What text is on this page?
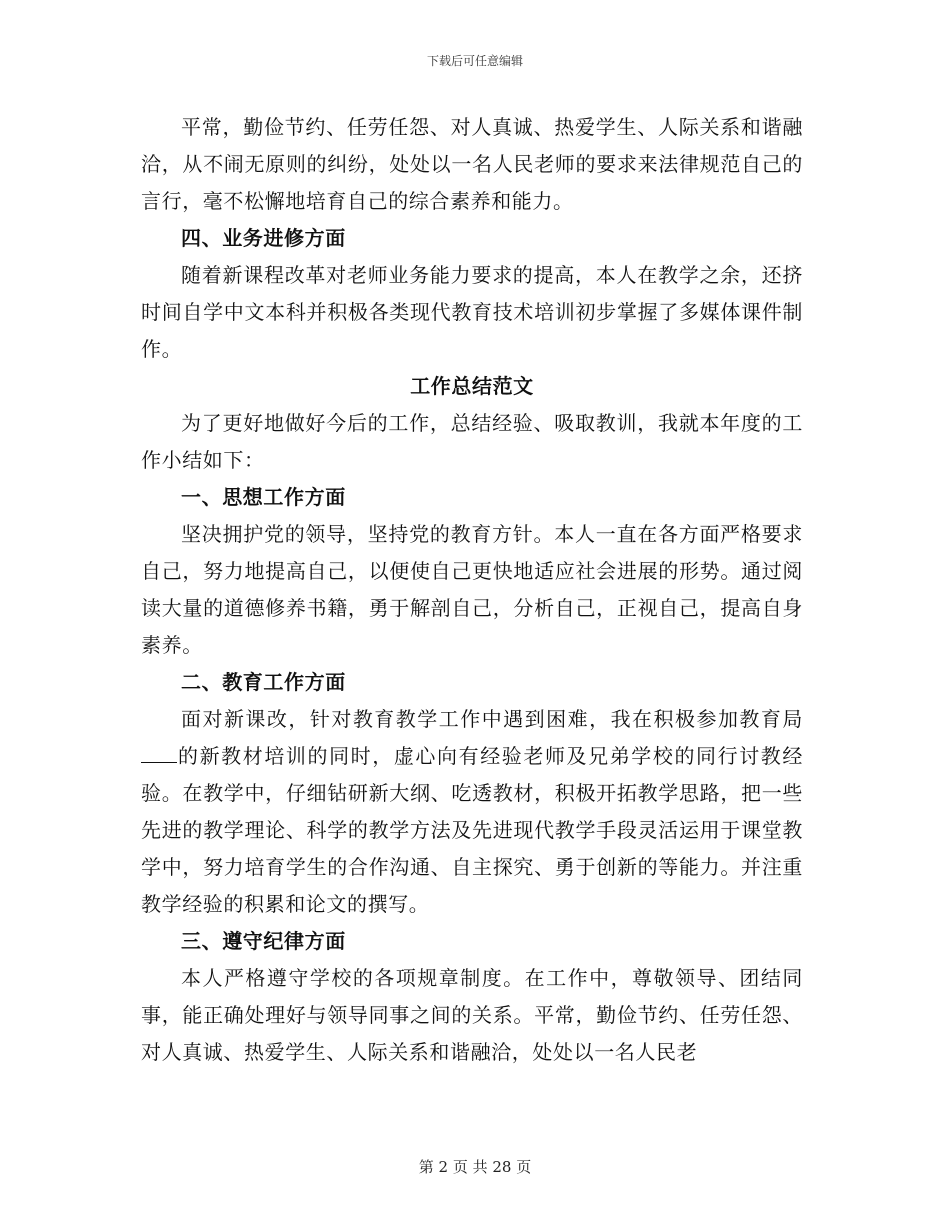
下载后可任意编辑

平常，勤俭节约、任劳任怨、对人真诚、热爱学生、人际关系和谐融洽，从不闹无原则的纠纷，处处以一名人民老师的要求来法律规范自己的言行，毫不松懈地培育自己的综合素养和能力。

四、业务进修方面

随着新课程改革对老师业务能力要求的提高，本人在教学之余，还挤时间自学中文本科并积极各类现代教育技术培训初步掌握了多媒体课件制作。

工作总结范文

为了更好地做好今后的工作，总结经验、吸取教训，我就本年度的工作小结如下：

一、思想工作方面

坚决拥护党的领导，坚持党的教育方针。本人一直在各方面严格要求自己，努力地提高自己，以便使自己更快地适应社会进展的形势。通过阅读大量的道德修养书籍，勇于解剖自己，分析自己，正视自己，提高自身素养。

二、教育工作方面

面对新课改，针对教育教学工作中遇到困难，我在积极参加教育局的新教材培训的同时，虚心向有经验老师及兄弟学校的同行讨教经验。在教学中，仔细钻研新大纲、吃透教材，积极开拓教学思路，把一些先进的教学理论、科学的教学方法及先进现代教学手段灵活运用于课堂教学中，努力培育学生的合作沟通、自主探究、勇于创新的等能力。并注重教学经验的积累和论文的撰写。

三、遵守纪律方面

本人严格遵守学校的各项规章制度。在工作中，尊敬领导、团结同事，能正确处理好与领导同事之间的关系。平常，勤俭节约、任劳任怨、对人真诚、热爱学生、人际关系和谐融洽，处处以一名人民老

第 2 页 共 28 页
